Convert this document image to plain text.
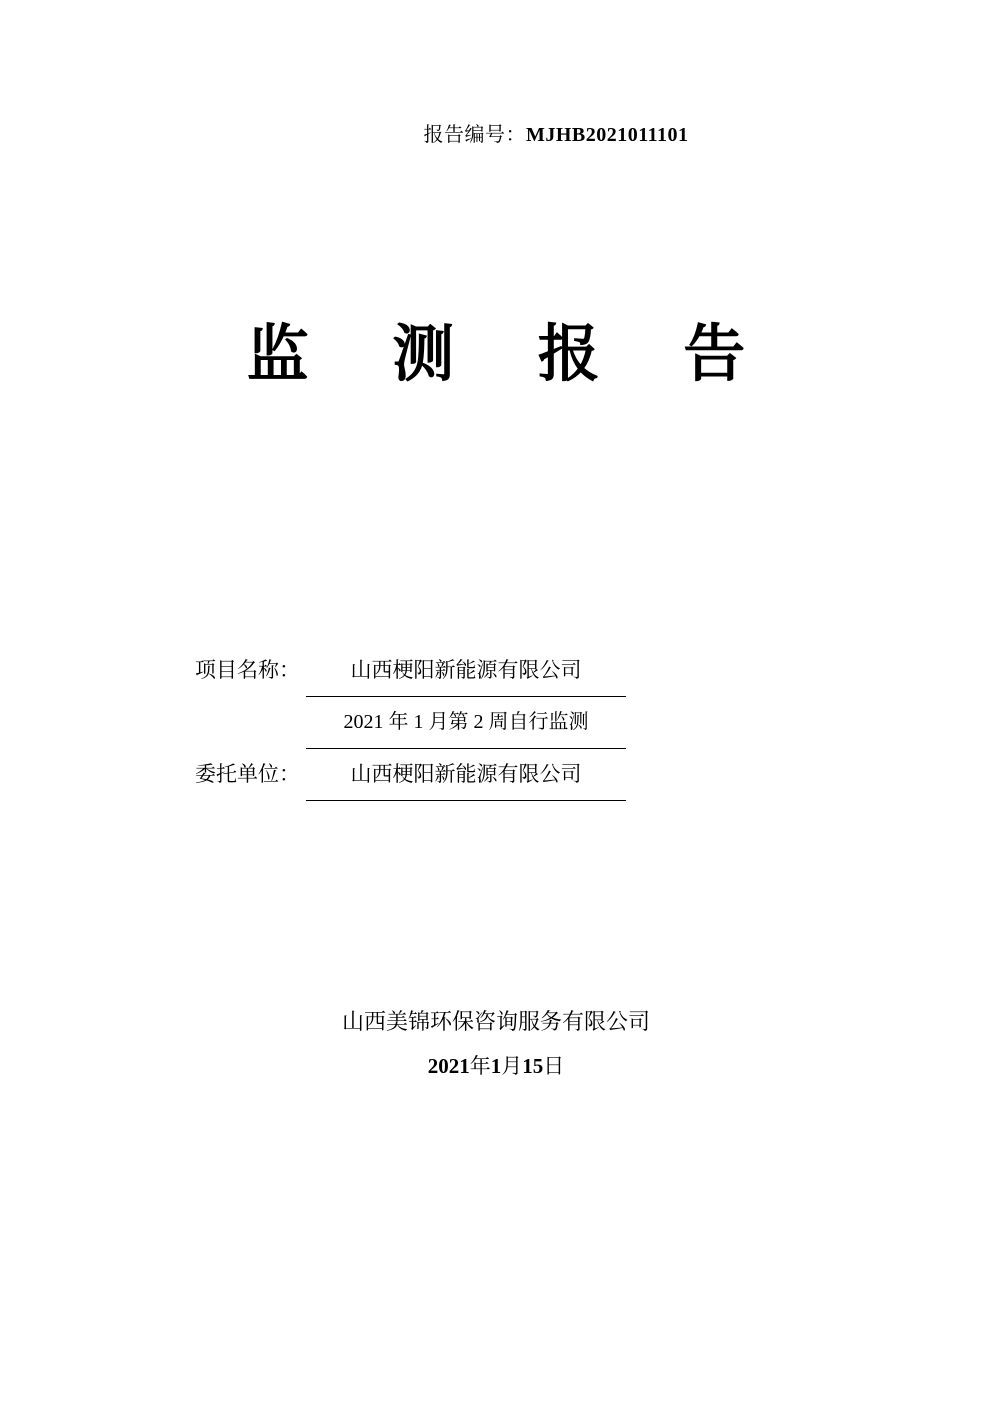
报告编号：MJHB2021011101
监 测 报 告
项目名称：	山西梗阳新能源有限公司
2021 年 1 月第 2 周自行监测
委托单位：	山西梗阳新能源有限公司
山西美锦环保咨询服务有限公司
2021年1月15日
